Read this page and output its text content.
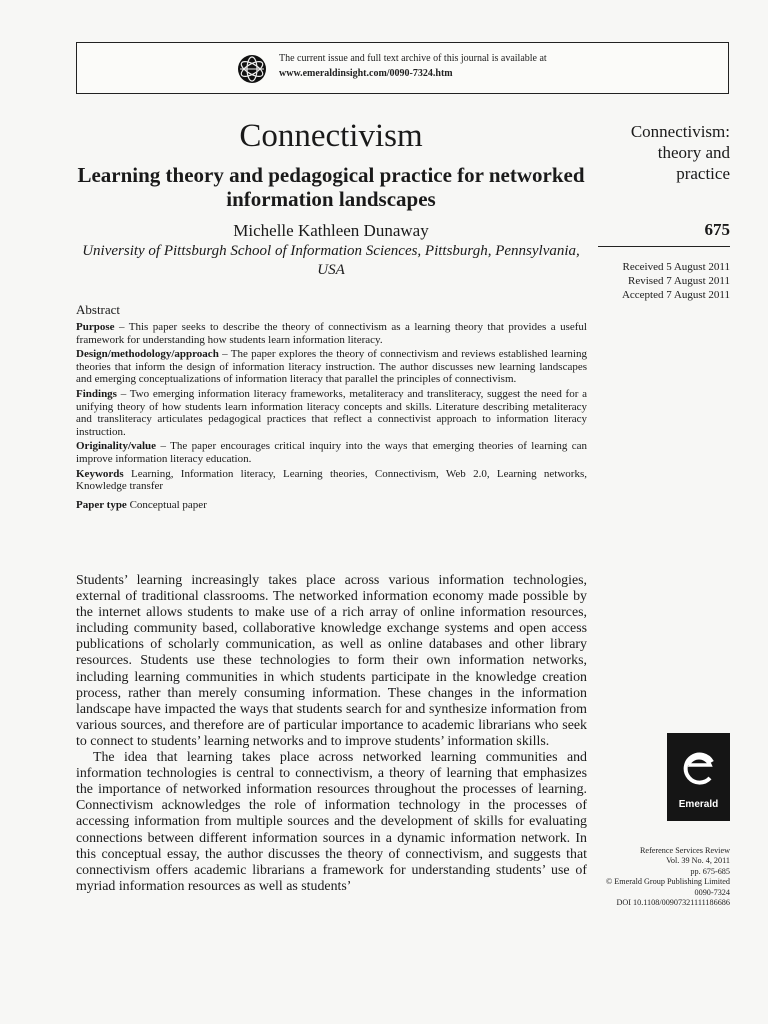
The current issue and full text archive of this journal is available at
www.emeraldinsight.com/0090-7324.htm
Connectivism
Learning theory and pedagogical practice for networked information landscapes
Michelle Kathleen Dunaway
University of Pittsburgh School of Information Sciences, Pittsburgh, Pennsylvania, USA
Abstract

Purpose – This paper seeks to describe the theory of connectivism as a learning theory that provides a useful framework for understanding how students learn information literacy.

Design/methodology/approach – The paper explores the theory of connectivism and reviews established learning theories that inform the design of information literacy instruction. The author discusses new learning landscapes and emerging conceptualizations of information literacy that parallel the principles of connectivism.

Findings – Two emerging information literacy frameworks, metaliteracy and transliteracy, suggest the need for a unifying theory of how students learn information literacy concepts and skills. Literature describing metaliteracy and transliteracy articulates pedagogical practices that reflect a connectivist approach to information literacy instruction.

Originality/value – The paper encourages critical inquiry into the ways that emerging theories of learning can improve information literacy education.

Keywords Learning, Information literacy, Learning theories, Connectivism, Web 2.0, Learning networks, Knowledge transfer

Paper type Conceptual paper

Students’ learning increasingly takes place across various information technologies, external of traditional classrooms. The networked information economy made possible by the internet allows students to make use of a rich array of online information resources, including community based, collaborative knowledge exchange systems and open access publications of scholarly communication, as well as online databases and other library resources. Students use these technologies to form their own information networks, including learning communities in which students participate in the knowledge creation process, rather than merely consuming information. These changes in the information landscape have impacted the ways that students search for and synthesize information from various sources, and therefore are of particular importance to academic librarians who seek to connect to students’ learning networks and to improve students’ information skills.

The idea that learning takes place across networked learning communities and information technologies is central to connectivism, a theory of learning that emphasizes the importance of networked information resources throughout the processes of learning. Connectivism acknowledges the role of information technology in the processes of accessing information from multiple sources and the development of skills for evaluating connections between different information sources in a dynamic information network. In this conceptual essay, the author discusses the theory of connectivism, and suggests that connectivism offers academic librarians a framework for understanding students’ use of myriad information resources as well as students’

Connectivism:
theory and
practice
675
Received 5 August 2011
Revised 7 August 2011
Accepted 7 August 2011
Emerald
Reference Services Review
Vol. 39 No. 4, 2011
pp. 675-685
© Emerald Group Publishing Limited
0090-7324
DOI 10.1108/00907321111186686
